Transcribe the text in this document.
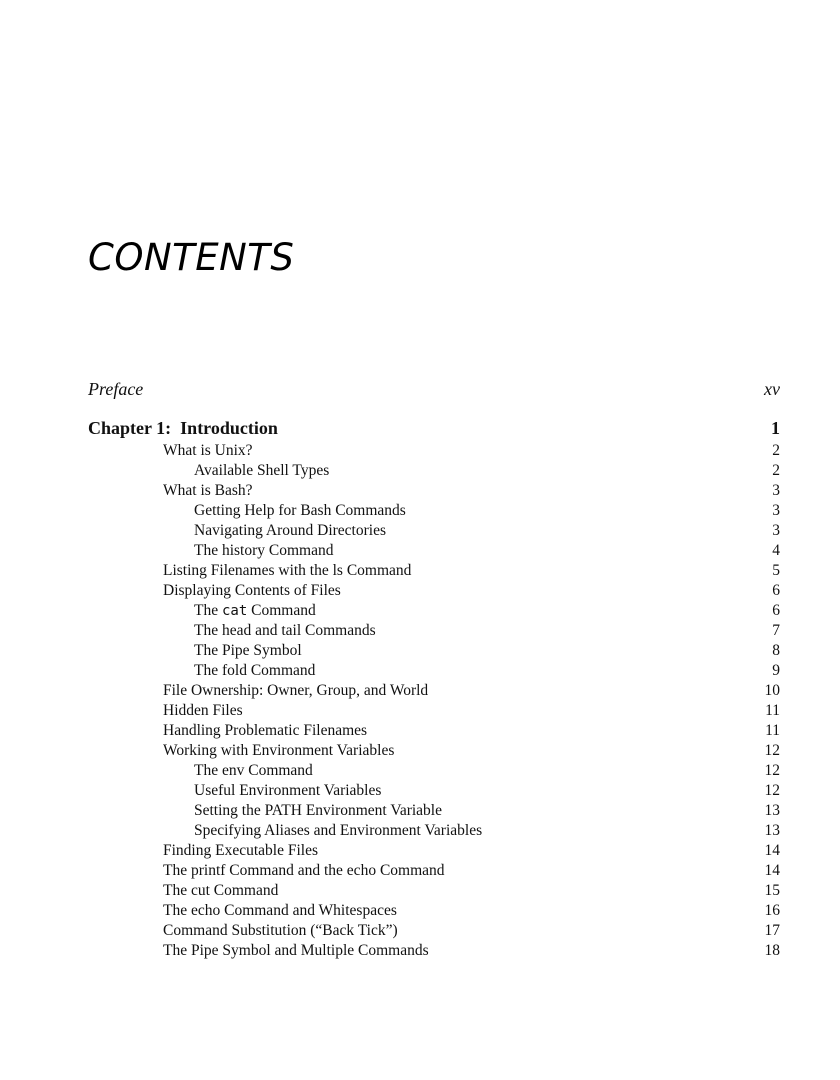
CONTENTS
Preface	xv
Chapter 1: Introduction	1
What is Unix?	2
Available Shell Types	2
What is Bash?	3
Getting Help for Bash Commands	3
Navigating Around Directories	3
The history Command	4
Listing Filenames with the ls Command	5
Displaying Contents of Files	6
The cat Command	6
The head and tail Commands	7
The Pipe Symbol	8
The fold Command	9
File Ownership: Owner, Group, and World	10
Hidden Files	11
Handling Problematic Filenames	11
Working with Environment Variables	12
The env Command	12
Useful Environment Variables	12
Setting the PATH Environment Variable	13
Specifying Aliases and Environment Variables	13
Finding Executable Files	14
The printf Command and the echo Command	14
The cut Command	15
The echo Command and Whitespaces	16
Command Substitution (“Back Tick”)	17
The Pipe Symbol and Multiple Commands	18
